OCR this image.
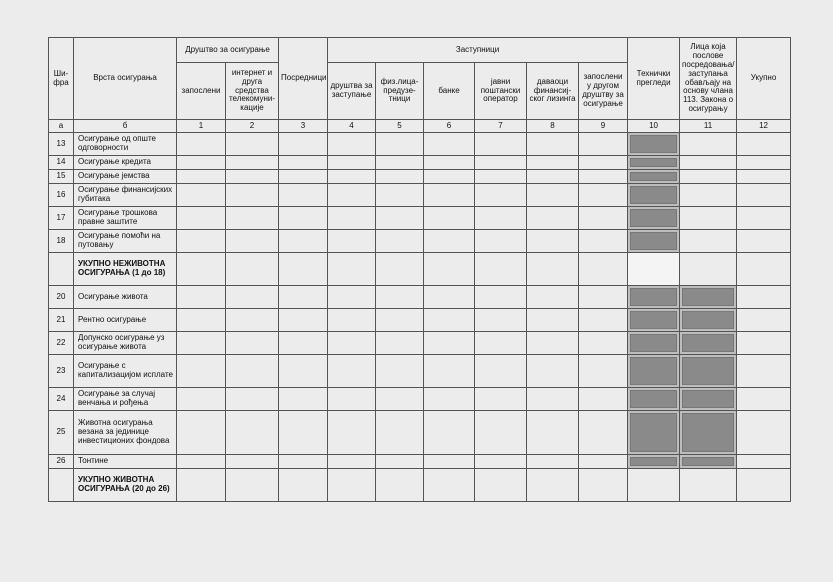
Ши-фра	Врста осигурања	Друштво за осигурање		Посредници	Заступници						Технички прегледи	Лица која послове посредовања/ заступања обављају на основу члана 113. Закона о осигурању	Укупно
		запослени	интернет и друга средства телекомуни-кације		друштва за заступање	физ.лица-предузе-тници	банке	јавни поштански оператор	даваоци финансиј-ског лизинга	запослени у другом друштву за осигурање			
а	б	1	2	3	4	5	6	7	8	9	10	11	12
13	Осигурање од опште одговорности												
14	Осигурање кредита												
15	Осигурање јемства												
16	Осигурање финансијских губитака												
17	Осигурање трошкова правне заштите												
18	Осигурање помоћи на путовању												
	УКУПНО НЕЖИВОТНА ОСИГУРАЊА (1 до 18)												
20	Осигурање живота												
21	Рентно осигурање												
22	Допунско осигурање уз осигурање живота												
23	Осигурање с капитализацијом исплате												
24	Осигурање за случај венчања и рођења												
25	Животна осигурања везана за јединице инвестиционих фондова												
26	Тонтине												
	УКУПНО ЖИВОТНА ОСИГУРАЊА (20 до 26)												
